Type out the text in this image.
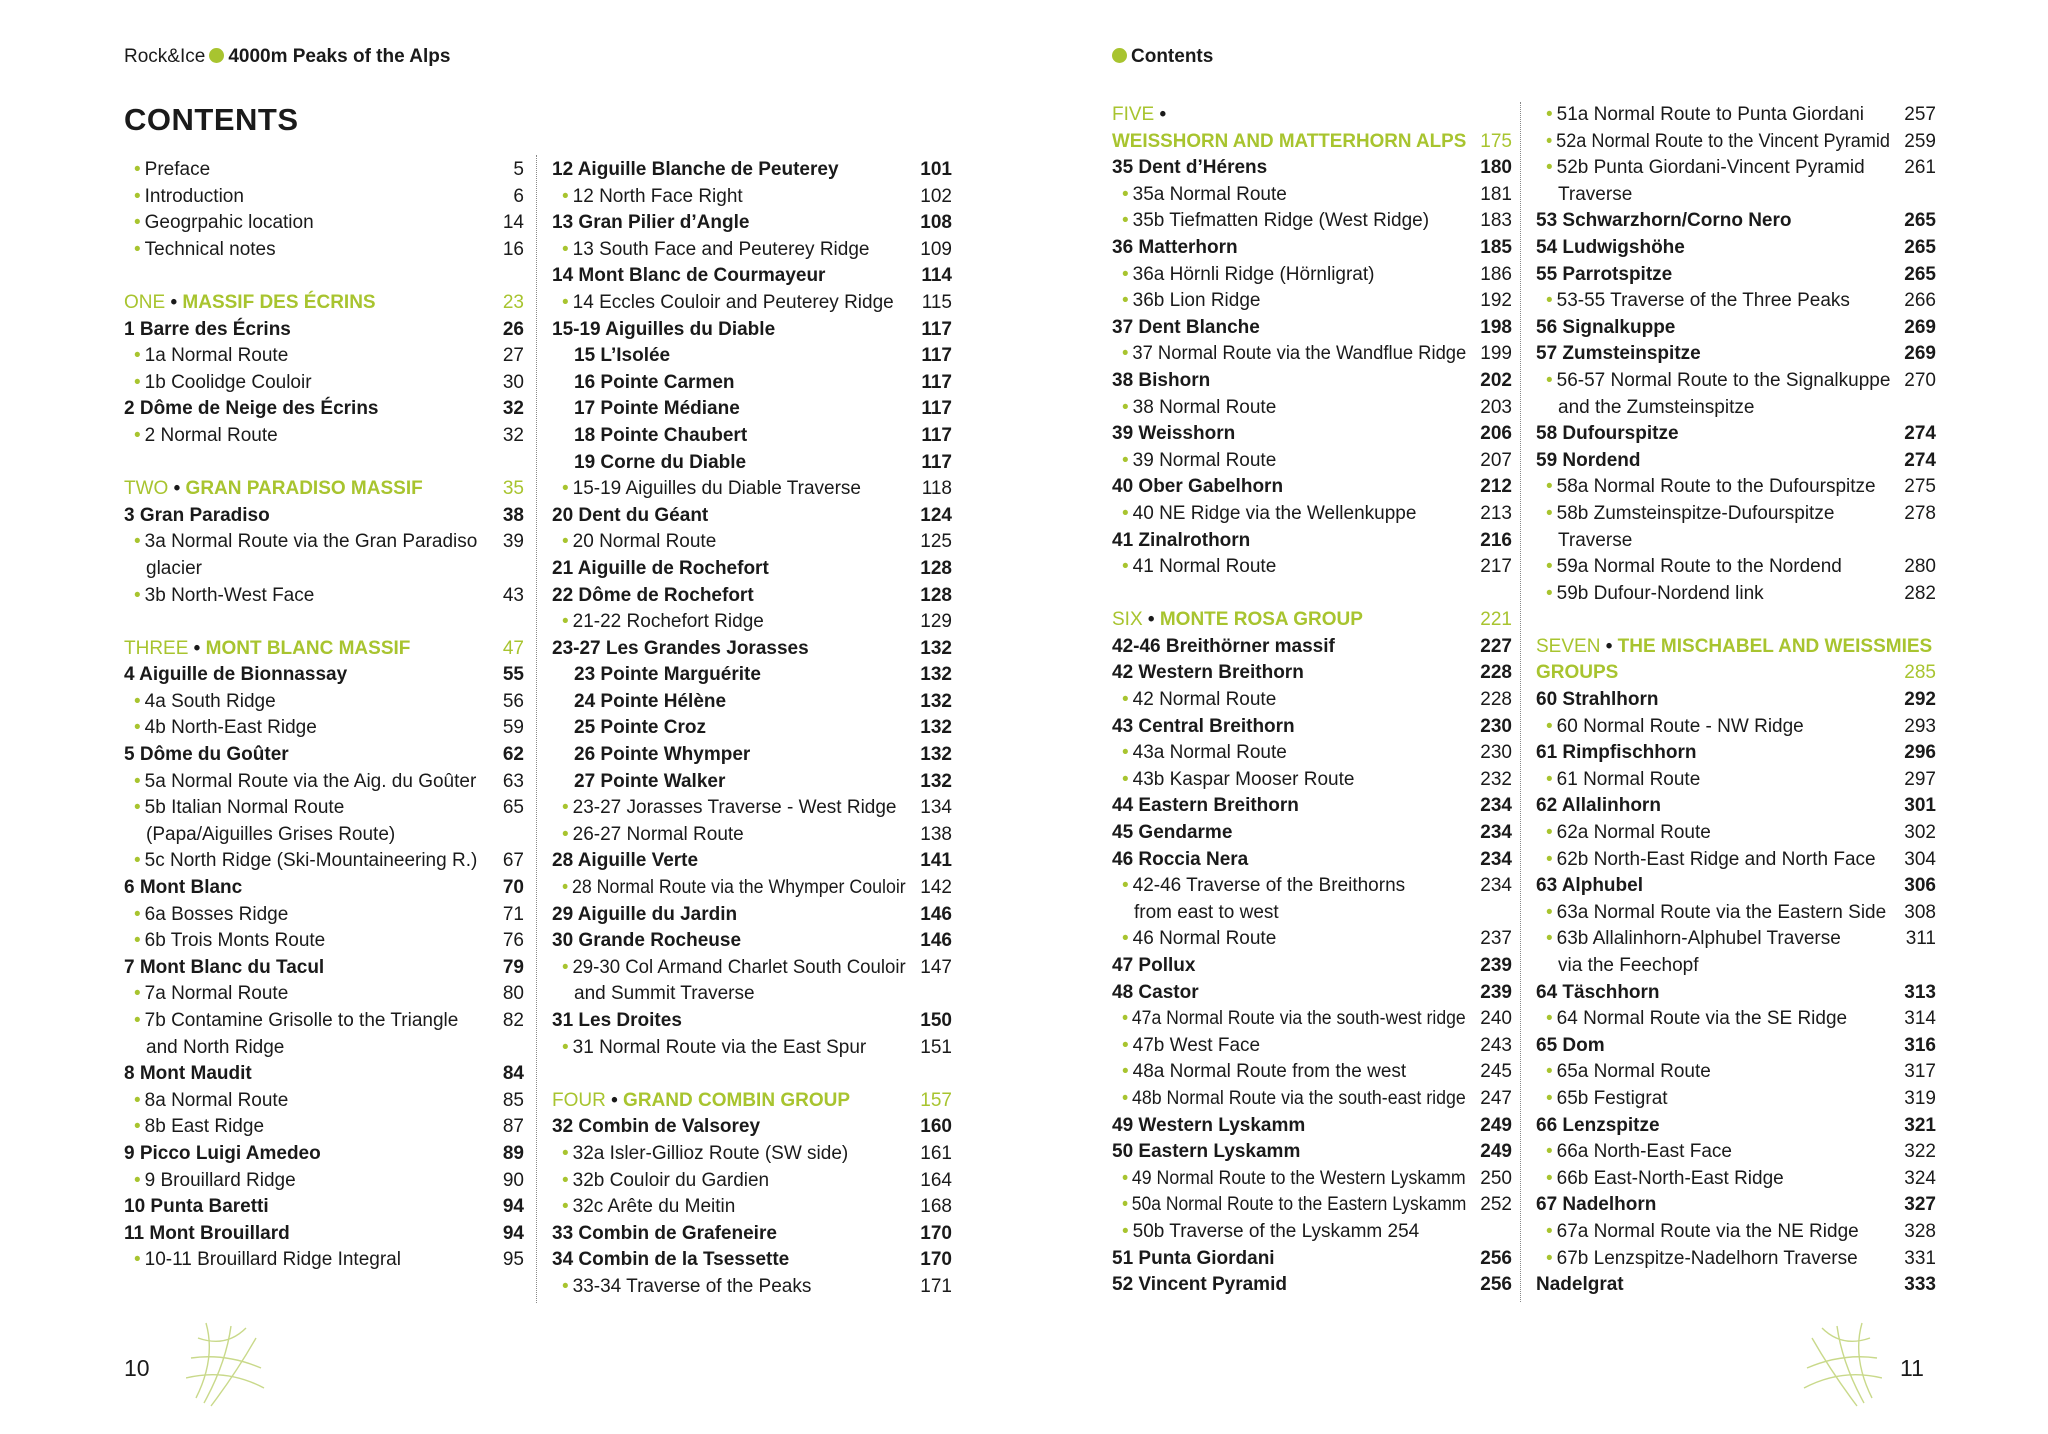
Rock&Ice 4000m Peaks of the Alps
CONTENTS
• Preface	5
• Introduction	6
• Geogrpahic location	14
• Technical notes	16
ONE • MASSIF DES ÉCRINS	23
1 Barre des Écrins	26
• 1a Normal Route	27
• 1b Coolidge Couloir	30
2 Dôme de Neige des Écrins	32
• 2 Normal Route	32
TWO • GRAN PARADISO MASSIF	35
3 Gran Paradiso	38
• 3a Normal Route via the Gran Paradiso 39
glacier
• 3b North-West Face	43
THREE • MONT BLANC MASSIF	47
4 Aiguille de Bionnassay	55
• 4a South Ridge	56
• 4b North-East Ridge	59
5 Dôme du Goûter	62
• 5a Normal Route via the Aig. du Goûter 63
• 5b Italian Normal Route	65
(Papa/Aiguilles Grises Route)
• 5c North Ridge (Ski-Mountaineering R.) 67
6 Mont Blanc	70
• 6a Bosses Ridge	71
• 6b Trois Monts Route	76
7 Mont Blanc du Tacul	79
• 7a Normal Route	80
• 7b Contamine Grisolle to the Triangle 82
and North Ridge
8 Mont Maudit	84
• 8a Normal Route	85
• 8b East Ridge	87
9 Picco Luigi Amedeo	89
• 9 Brouillard Ridge	90
10 Punta Baretti	94
11 Mont Brouillard	94
• 10-11 Brouillard Ridge Integral	95
12 Aiguille Blanche de Peuterey	101
• 12 North Face Right	102
13 Gran Pilier d’Angle	108
• 13 South Face and Peuterey Ridge	109
14 Mont Blanc de Courmayeur	114
• 14 Eccles Couloir and Peuterey Ridge 115
15-19 Aiguilles du Diable	117
15 L’Isolée	117
16 Pointe Carmen	117
17 Pointe Médiane	117
18 Pointe Chaubert	117
19 Corne du Diable	117
• 15-19 Aiguilles du Diable Traverse	118
20 Dent du Géant	124
• 20 Normal Route	125
21 Aiguille de Rochefort	128
22 Dôme de Rochefort	128
• 21-22 Rochefort Ridge	129
23-27 Les Grandes Jorasses	132
23 Pointe Marguérite	132
24 Pointe Hélène	132
25 Pointe Croz	132
26 Pointe Whymper	132
27 Pointe Walker	132
• 23-27 Jorasses Traverse - West Ridge 134
• 26-27 Normal Route	138
28 Aiguille Verte	141
• 28 Normal Route via the Whymper Couloir 142
29 Aiguille du Jardin	146
30 Grande Rocheuse	146
• 29-30 Col Armand Charlet South Couloir 147
and Summit Traverse
31 Les Droites	150
• 31 Normal Route via the East Spur	151
FOUR • GRAND COMBIN GROUP	157
32 Combin de Valsorey	160
• 32a Isler-Gillioz Route (SW side)	161
• 32b Couloir du Gardien	164
• 32c Arête du Meitin	168
33 Combin de Grafeneire	170
34 Combin de la Tsessette	170
• 33-34 Traverse of the Peaks	171
10
Contents
FIVE •
WEISSHORN AND MATTERHORN ALPS 175
35 Dent d’Hérens	180
• 35a Normal Route	181
• 35b Tiefmatten Ridge (West Ridge)	183
36 Matterhorn	185
• 36a Hörnli Ridge (Hörnligrat)	186
• 36b Lion Ridge	192
37 Dent Blanche	198
• 37 Normal Route via the Wandflue Ridge 199
38 Bishorn	202
• 38 Normal Route	203
39 Weisshorn	206
• 39 Normal Route	207
40 Ober Gabelhorn	212
• 40 NE Ridge via the Wellenkuppe	213
41 Zinalrothorn	216
• 41 Normal Route	217
SIX • MONTE ROSA GROUP	221
42-46 Breithörner massif	227
42 Western Breithorn	228
• 42 Normal Route	228
43 Central Breithorn	230
• 43a Normal Route	230
• 43b Kaspar Mooser Route	232
44 Eastern Breithorn	234
45 Gendarme	234
46 Roccia Nera	234
• 42-46 Traverse of the Breithorns	234
from east to west
• 46 Normal Route	237
47 Pollux	239
48 Castor	239
• 47a Normal Route via the south-west ridge 240
• 47b West Face	243
• 48a Normal Route from the west	245
• 48b Normal Route via the south-east ridge 247
49 Western Lyskamm	249
50 Eastern Lyskamm	249
• 49 Normal Route to the Western Lyskamm 250
• 50a Normal Route to the Eastern Lyskamm 252
• 50b Traverse of the Lyskamm 254
51 Punta Giordani	256
52 Vincent Pyramid	256
• 51a Normal Route to Punta Giordani 257
• 52a Normal Route to the Vincent Pyramid 259
• 52b Punta Giordani-Vincent Pyramid 261
Traverse
53 Schwarzhorn/Corno Nero	265
54 Ludwigshöhe	265
55 Parrotspitze	265
• 53-55 Traverse of the Three Peaks	266
56 Signalkuppe	269
57 Zumsteinspitze	269
• 56-57 Normal Route to the Signalkuppe 270
and the Zumsteinspitze
58 Dufourspitze	274
59 Nordend	274
• 58a Normal Route to the Dufourspitze 275
• 58b Zumsteinspitze-Dufourspitze	278
Traverse
• 59a Normal Route to the Nordend	280
• 59b Dufour-Nordend link	282
SEVEN • THE MISCHABEL AND WEISSMIES
GROUPS	285
60 Strahlhorn	292
• 60 Normal Route - NW Ridge	293
61 Rimpfischhorn	296
• 61 Normal Route	297
62 Allalinhorn	301
• 62a Normal Route	302
• 62b North-East Ridge and North Face 304
63 Alphubel	306
• 63a Normal Route via the Eastern Side 308
• 63b Allalinhorn-Alphubel Traverse	311
via the Feechopf
64 Täschhorn	313
• 64 Normal Route via the SE Ridge	314
65 Dom	316
• 65a Normal Route	317
• 65b Festigrat	319
66 Lenzspitze	321
• 66a North-East Face	322
• 66b East-North-East Ridge	324
67 Nadelhorn	327
• 67a Normal Route via the NE Ridge 328
• 67b Lenzspitze-Nadelhorn Traverse 331
Nadelgrat	333
11
